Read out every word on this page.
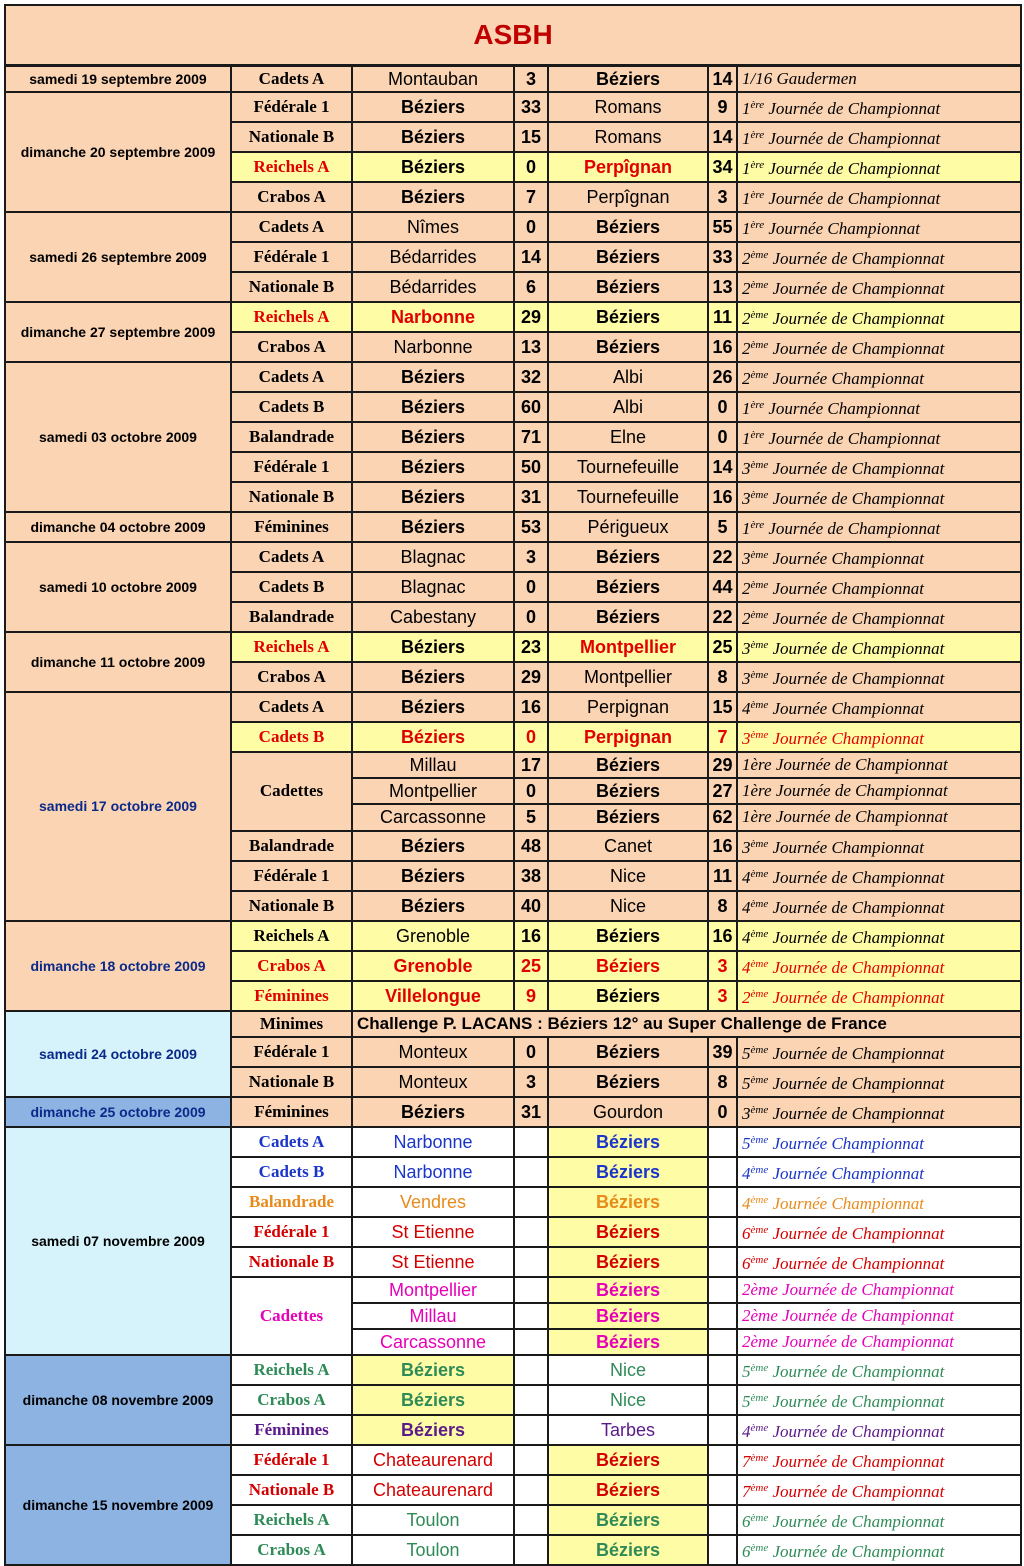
ASBH						
samedi 19 septembre 2009	Cadets A	Montauban	3	Béziers	14	1/16 Gaudermen
dimanche 20 septembre 2009	Fédérale 1	Béziers	33	Romans	9	1ère Journée de Championnat
	Nationale B	Béziers	15	Romans	14	1ère Journée de Championnat
	Reichels A	Béziers	0	Perpîgnan	34	1ère Journée de Championnat
	Crabos A	Béziers	7	Perpîgnan	3	1ère Journée de Championnat
samedi 26 septembre 2009	Cadets A	Nîmes	0	Béziers	55	1ère Journée Championnat
	Fédérale 1	Bédarrides	14	Béziers	33	2ème Journée de Championnat
	Nationale B	Bédarrides	6	Béziers	13	2ème Journée de Championnat
dimanche 27 septembre 2009	Reichels A	Narbonne	29	Béziers	11	2ème Journée de Championnat
	Crabos A	Narbonne	13	Béziers	16	2ème Journée de Championnat
samedi 03 octobre 2009	Cadets A	Béziers	32	Albi	26	2ème Journée Championnat
	Cadets B	Béziers	60	Albi	0	1ère Journée Championnat
	Balandrade	Béziers	71	Elne	0	1ère Journée de Championnat
	Fédérale 1	Béziers	50	Tournefeuille	14	3ème Journée de Championnat
	Nationale B	Béziers	31	Tournefeuille	16	3ème Journée de Championnat
dimanche 04 octobre 2009	Féminines	Béziers	53	Périgueux	5	1ère Journée de Championnat
samedi 10 octobre 2009	Cadets A	Blagnac	3	Béziers	22	3ème Journée Championnat
	Cadets B	Blagnac	0	Béziers	44	2ème Journée Championnat
	Balandrade	Cabestany	0	Béziers	22	2ème Journée de Championnat
dimanche 11 octobre 2009	Reichels A	Béziers	23	Montpellier	25	3ème Journée de Championnat
	Crabos A	Béziers	29	Montpellier	8	3ème Journée de Championnat
samedi 17 octobre 2009	Cadets A	Béziers	16	Perpignan	15	4ème Journée Championnat
	Cadets B	Béziers	0	Perpignan	7	3ème Journée Championnat
	Cadettes	Millau	17	Béziers	29	1ère Journée de Championnat
		Montpellier	0	Béziers	27	1ère Journée de Championnat
		Carcassonne	5	Béziers	62	1ère Journée de Championnat
	Balandrade	Béziers	48	Canet	16	3ème Journée Championnat
	Fédérale 1	Béziers	38	Nice	11	4ème Journée de Championnat
	Nationale B	Béziers	40	Nice	8	4ème Journée de Championnat
dimanche 18 octobre 2009	Reichels A	Grenoble	16	Béziers	16	4ème Journée de Championnat
	Crabos A	Grenoble	25	Béziers	3	4ème Journée de Championnat
	Féminines	Villelongue	9	Béziers	3	2ème Journée de Championnat
samedi 24 octobre 2009	Minimes	Challenge P. LACANS : Béziers 12° au Super Challenge de France				
	Fédérale 1	Monteux	0	Béziers	39	5ème Journée de Championnat
	Nationale B	Monteux	3	Béziers	8	5ème Journée de Championnat
dimanche 25 octobre 2009	Féminines	Béziers	31	Gourdon	0	3ème Journée de Championnat
samedi 07 novembre 2009	Cadets A	Narbonne		Béziers		5ème Journée Championnat
	Cadets B	Narbonne		Béziers		4ème Journée Championnat
	Balandrade	Vendres		Béziers		4ème Journée Championnat
	Fédérale 1	St Etienne		Béziers		6ème Journée de Championnat
	Nationale B	St Etienne		Béziers		6ème Journée de Championnat
	Cadettes	Montpellier		Béziers		2ème Journée de Championnat
		Millau		Béziers		2ème Journée de Championnat
		Carcassonne		Béziers		2ème Journée de Championnat
dimanche 08 novembre 2009	Reichels A	Béziers		Nice		5ème Journée de Championnat
	Crabos A	Béziers		Nice		5ème Journée de Championnat
	Féminines	Béziers		Tarbes		4ème Journée de Championnat
dimanche 15 novembre 2009	Fédérale 1	Chateaurenard		Béziers		7ème Journée de Championnat
	Nationale B	Chateaurenard		Béziers		7ème Journée de Championnat
	Reichels A	Toulon		Béziers		6ème Journée de Championnat
	Crabos A	Toulon		Béziers		6ème Journée de Championnat
